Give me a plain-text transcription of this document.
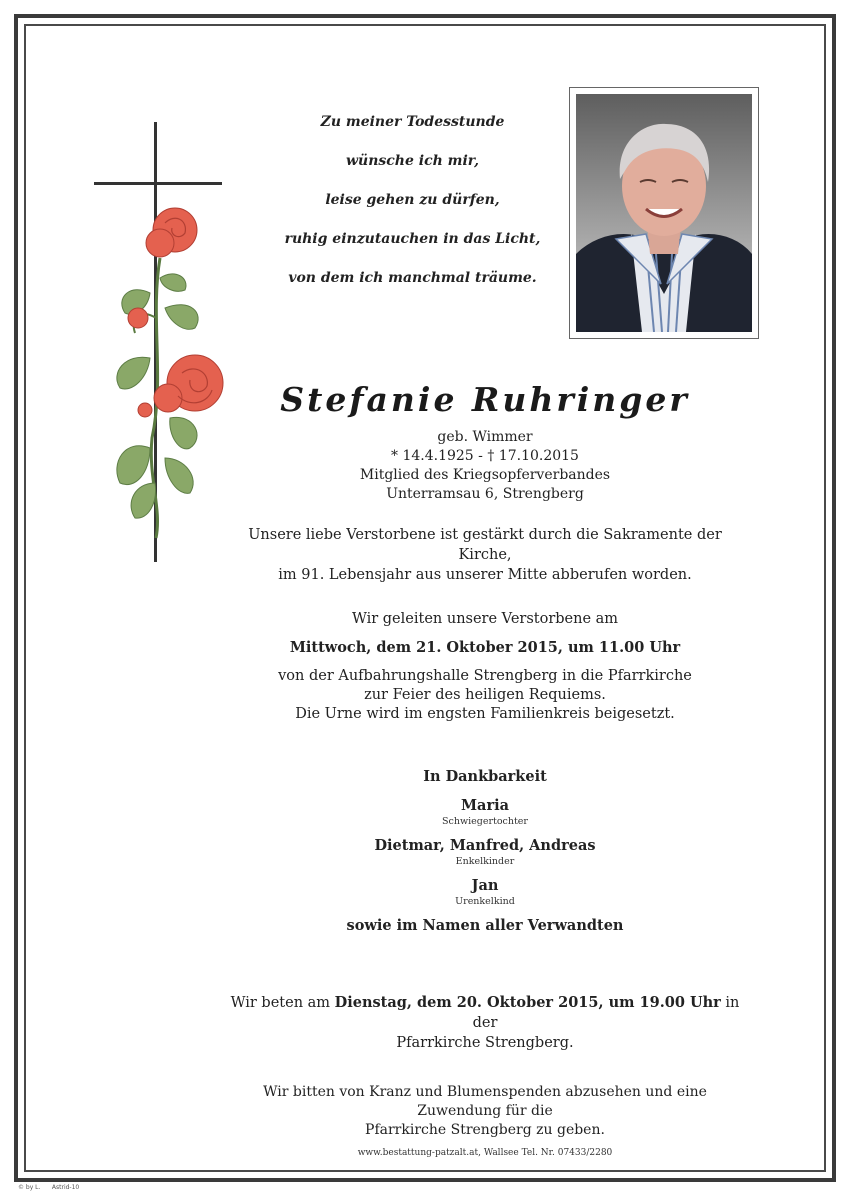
Zu meiner Todesstunde
wünsche ich mir,
leise gehen zu dürfen,
ruhig einzutauchen in das Licht,
von dem ich manchmal träume.
Stefanie Ruhringer
geb. Wimmer
* 14.4.1925 - † 17.10.2015
Mitglied des Kriegsopferverbandes
Unterramsau 6, Strengberg
Unsere liebe Verstorbene ist gestärkt durch die Sakramente der Kirche,
im 91. Lebensjahr aus unserer Mitte abberufen worden.
Wir geleiten unsere Verstorbene am
Mittwoch, dem 21. Oktober 2015, um 11.00 Uhr
von der Aufbahrungshalle Strengberg in die Pfarrkirche
zur Feier des heiligen Requiems.
Die Urne wird im engsten Familienkreis beigesetzt.
In Dankbarkeit
Maria
Schwiegertochter
Dietmar, Manfred, Andreas
Enkelkinder
Jan
Urenkelkind
sowie im Namen aller Verwandten
Wir beten am Dienstag, dem 20. Oktober 2015, um 19.00 Uhr in der
Pfarrkirche Strengberg.
Wir bitten von Kranz und Blumenspenden abzusehen und eine Zuwendung für die
Pfarrkirche Strengberg zu geben.
www.bestattung-patzalt.at, Wallsee Tel. Nr. 07433/2280
© by L. Astrid-10
